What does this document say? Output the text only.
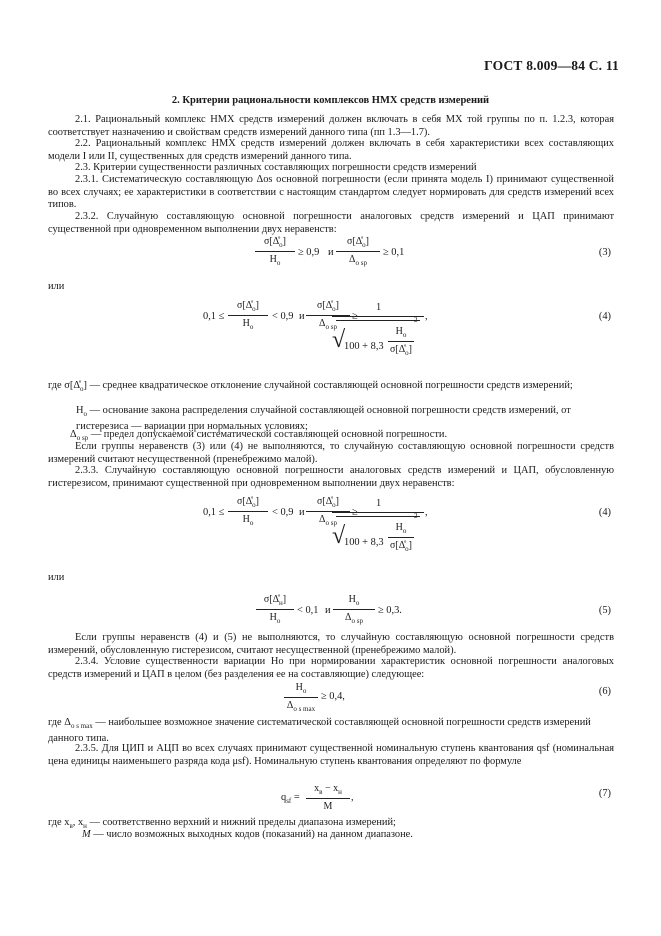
ГОСТ 8.009—84 С. 11
2. Критерии рациональности комплексов НМХ средств измерений
2.1. Рациональный комплекс НМХ средств измерений должен включать в себя МХ той группы по п. 1.2.3, которая соответствует назначению и свойствам средств измерений данного типа (пп 1.3—1.7).
2.2. Рациональный комплекс НМХ средств измерений должен включать в себя характеристики всех составляющих модели I или II, существенных для средств измерений данного типа.
2.3. Критерии существенности различных составляющих погрешности средств измерений
2.3.1. Систематическую составляющую Δos основной погрешности (если принята модель I) принимают существенной во всех случаях; ее характеристики в соответствии с настоящим стандартом следует нормировать для средств измерений всех типов.
2.3.2. Случайную составляющую основной погрешности аналоговых средств измерений и ЦАП принимают существенной при одновременном выполнении двух неравенств:
$\sigma[\Deltå_o]$
$H_o$
≥ 0,9 и
$\sigma[\Deltå_o]$
$\Delta_{o sp}$
≥ 0,1	(3)
или
0,1 ≤
$\sigma[\Deltå_o]$
$H_o$
< 0,9 и
$\sigma[\Deltå_o]$
$\Delta_{o sp}$
≥
1
√
100 + 8,3
$H_o$
$\sigma[\Deltå_o]$
2 ,	(4)
где $\sigma[\Deltå_o]$ — среднее квадратическое отклонение случайной составляющей основной погрешности средств измерений;
$H_o$ — основание закона распределения случайной составляющей основной погрешности средств измерений, от гистерезиса — вариации при нормальных условиях;
$\Delta_{o sp}$ — предел допускаемой систематической составляющей основной погрешности.
Если группы неравенств (3) или (4) не выполняются, то случайную составляющую основной погрешности средств измерений считают несущественной (пренебрежимо малой).
2.3.3. Случайную составляющую основной погрешности аналоговых средств измерений и ЦАП, обусловленную гистерезисом, принимают существенной при одновременном выполнении двух неравенств:
0,1 ≤
$\sigma[\Deltå_o]$
$H_o$
< 0,9 и
$\sigma[\Deltå_o]$
$\Delta_{o sp}$
≥
1
√
100 + 8,3
$H_o$
$\sigma[\Deltå_o]$
2 ,	(4)
или
$\sigma[\Deltå_н]$
$H_o$
< 0,1 и
$H_o$
$\Delta_{o sp}$
≥ 0,3.	(5)
Если группы неравенств (4) и (5) не выполняются, то случайную составляющую основной погрешности средств измерений, обусловленную гистерезисом, считают несущественной (пренебрежимо малой).
2.3.4. Условие существенности вариации Ho при нормировании характеристик основной погрешности аналоговых средств измерений и ЦАП в целом (без разделения ее на составляющие) следующее:
$H_o$
$\Delta_{o s max}$
≥ 0,4,	(6)
где $\Delta_{o s max}$ — наибольшее возможное значение систематической составляющей основной погрешности средств измерений данного типа.
2.3.5. Для ЦИП и АЦП во всех случаях принимают существенной номинальную ступень квантования qsf (номинальная цена единицы наименьшего разряда кода μsf). Номинальную ступень квантования определяют по формуле
$q_{sf}$ =
$x_в - x_н$
M
,	(7)
где $x_в$, $x_н$ — соответственно верхний и нижний пределы диапазона измерений;
M — число возможных выходных кодов (показаний) на данном диапазоне.
